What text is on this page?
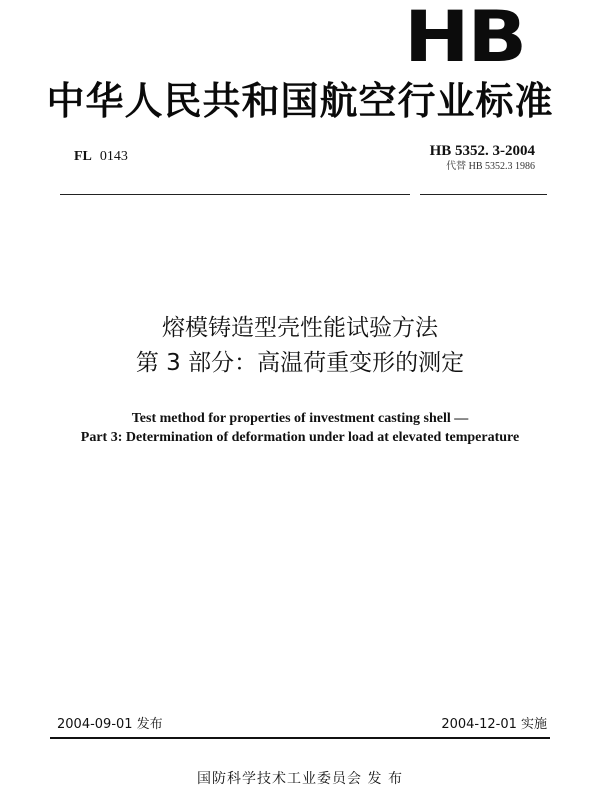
HB
中华人民共和国航空行业标准
FL 0143	HB 5352. 3-2004
代替 HB 5352.3 1986
熔模铸造型壳性能试验方法
第 3 部分：高温荷重变形的测定
Test method for properties of investment casting shell —
Part 3: Determination of deformation under load at elevated temperature
2004-09-01 发布	2004-12-01 实施
国防科学技术工业委员会 发 布
